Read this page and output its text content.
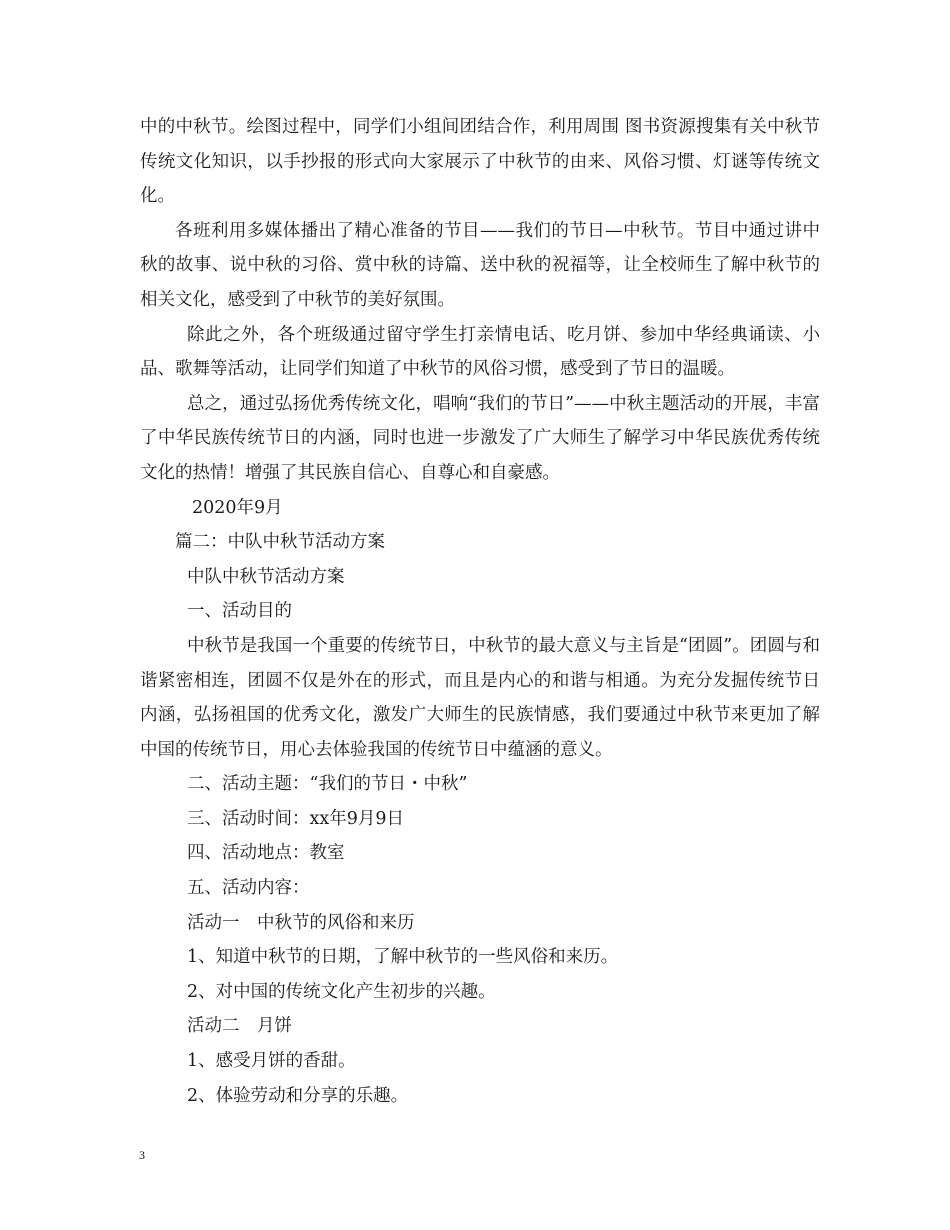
中的中秋节。绘图过程中，同学们小组间团结合作，利用周围 图书资源搜集有关中秋节传统文化知识，以手抄报的形式向大家展示了中秋节的由来、风俗习惯、灯谜等传统文化。

各班利用多媒体播出了精心准备的节目——我们的节日—中秋节。节目中通过讲中秋的故事、说中秋的习俗、赏中秋的诗篇、送中秋的祝福等，让全校师生了解中秋节的相关文化，感受到了中秋节的美好氛围。

除此之外，各个班级通过留守学生打亲情电话、吃月饼、参加中华经典诵读、小品、歌舞等活动，让同学们知道了中秋节的风俗习惯，感受到了节日的温暖。

总之，通过弘扬优秀传统文化，唱响“我们的节日”——中秋主题活动的开展，丰富了中华民族传统节日的内涵，同时也进一步激发了广大师生了解学习中华民族优秀传统文化的热情！增强了其民族自信心、自尊心和自豪感。

2020年9月

篇二：中队中秋节活动方案

中队中秋节活动方案

一、活动目的

中秋节是我国一个重要的传统节日，中秋节的最大意义与主旨是“团圆”。团圆与和谐紧密相连，团圆不仅是外在的形式，而且是内心的和谐与相通。为充分发掘传统节日内涵，弘扬祖国的优秀文化，激发广大师生的民族情感，我们要通过中秋节来更加了解中国的传统节日，用心去体验我国的传统节日中蕴涵的意义。

二、活动主题：“我们的节日・中秋”

三、活动时间：xx年9月9日

四、活动地点：教室

五、活动内容：

活动一　中秋节的风俗和来历

1、知道中秋节的日期，了解中秋节的一些风俗和来历。

2、对中国的传统文化产生初步的兴趣。

活动二　月饼

1、感受月饼的香甜。

2、体验劳动和分享的乐趣。

3
